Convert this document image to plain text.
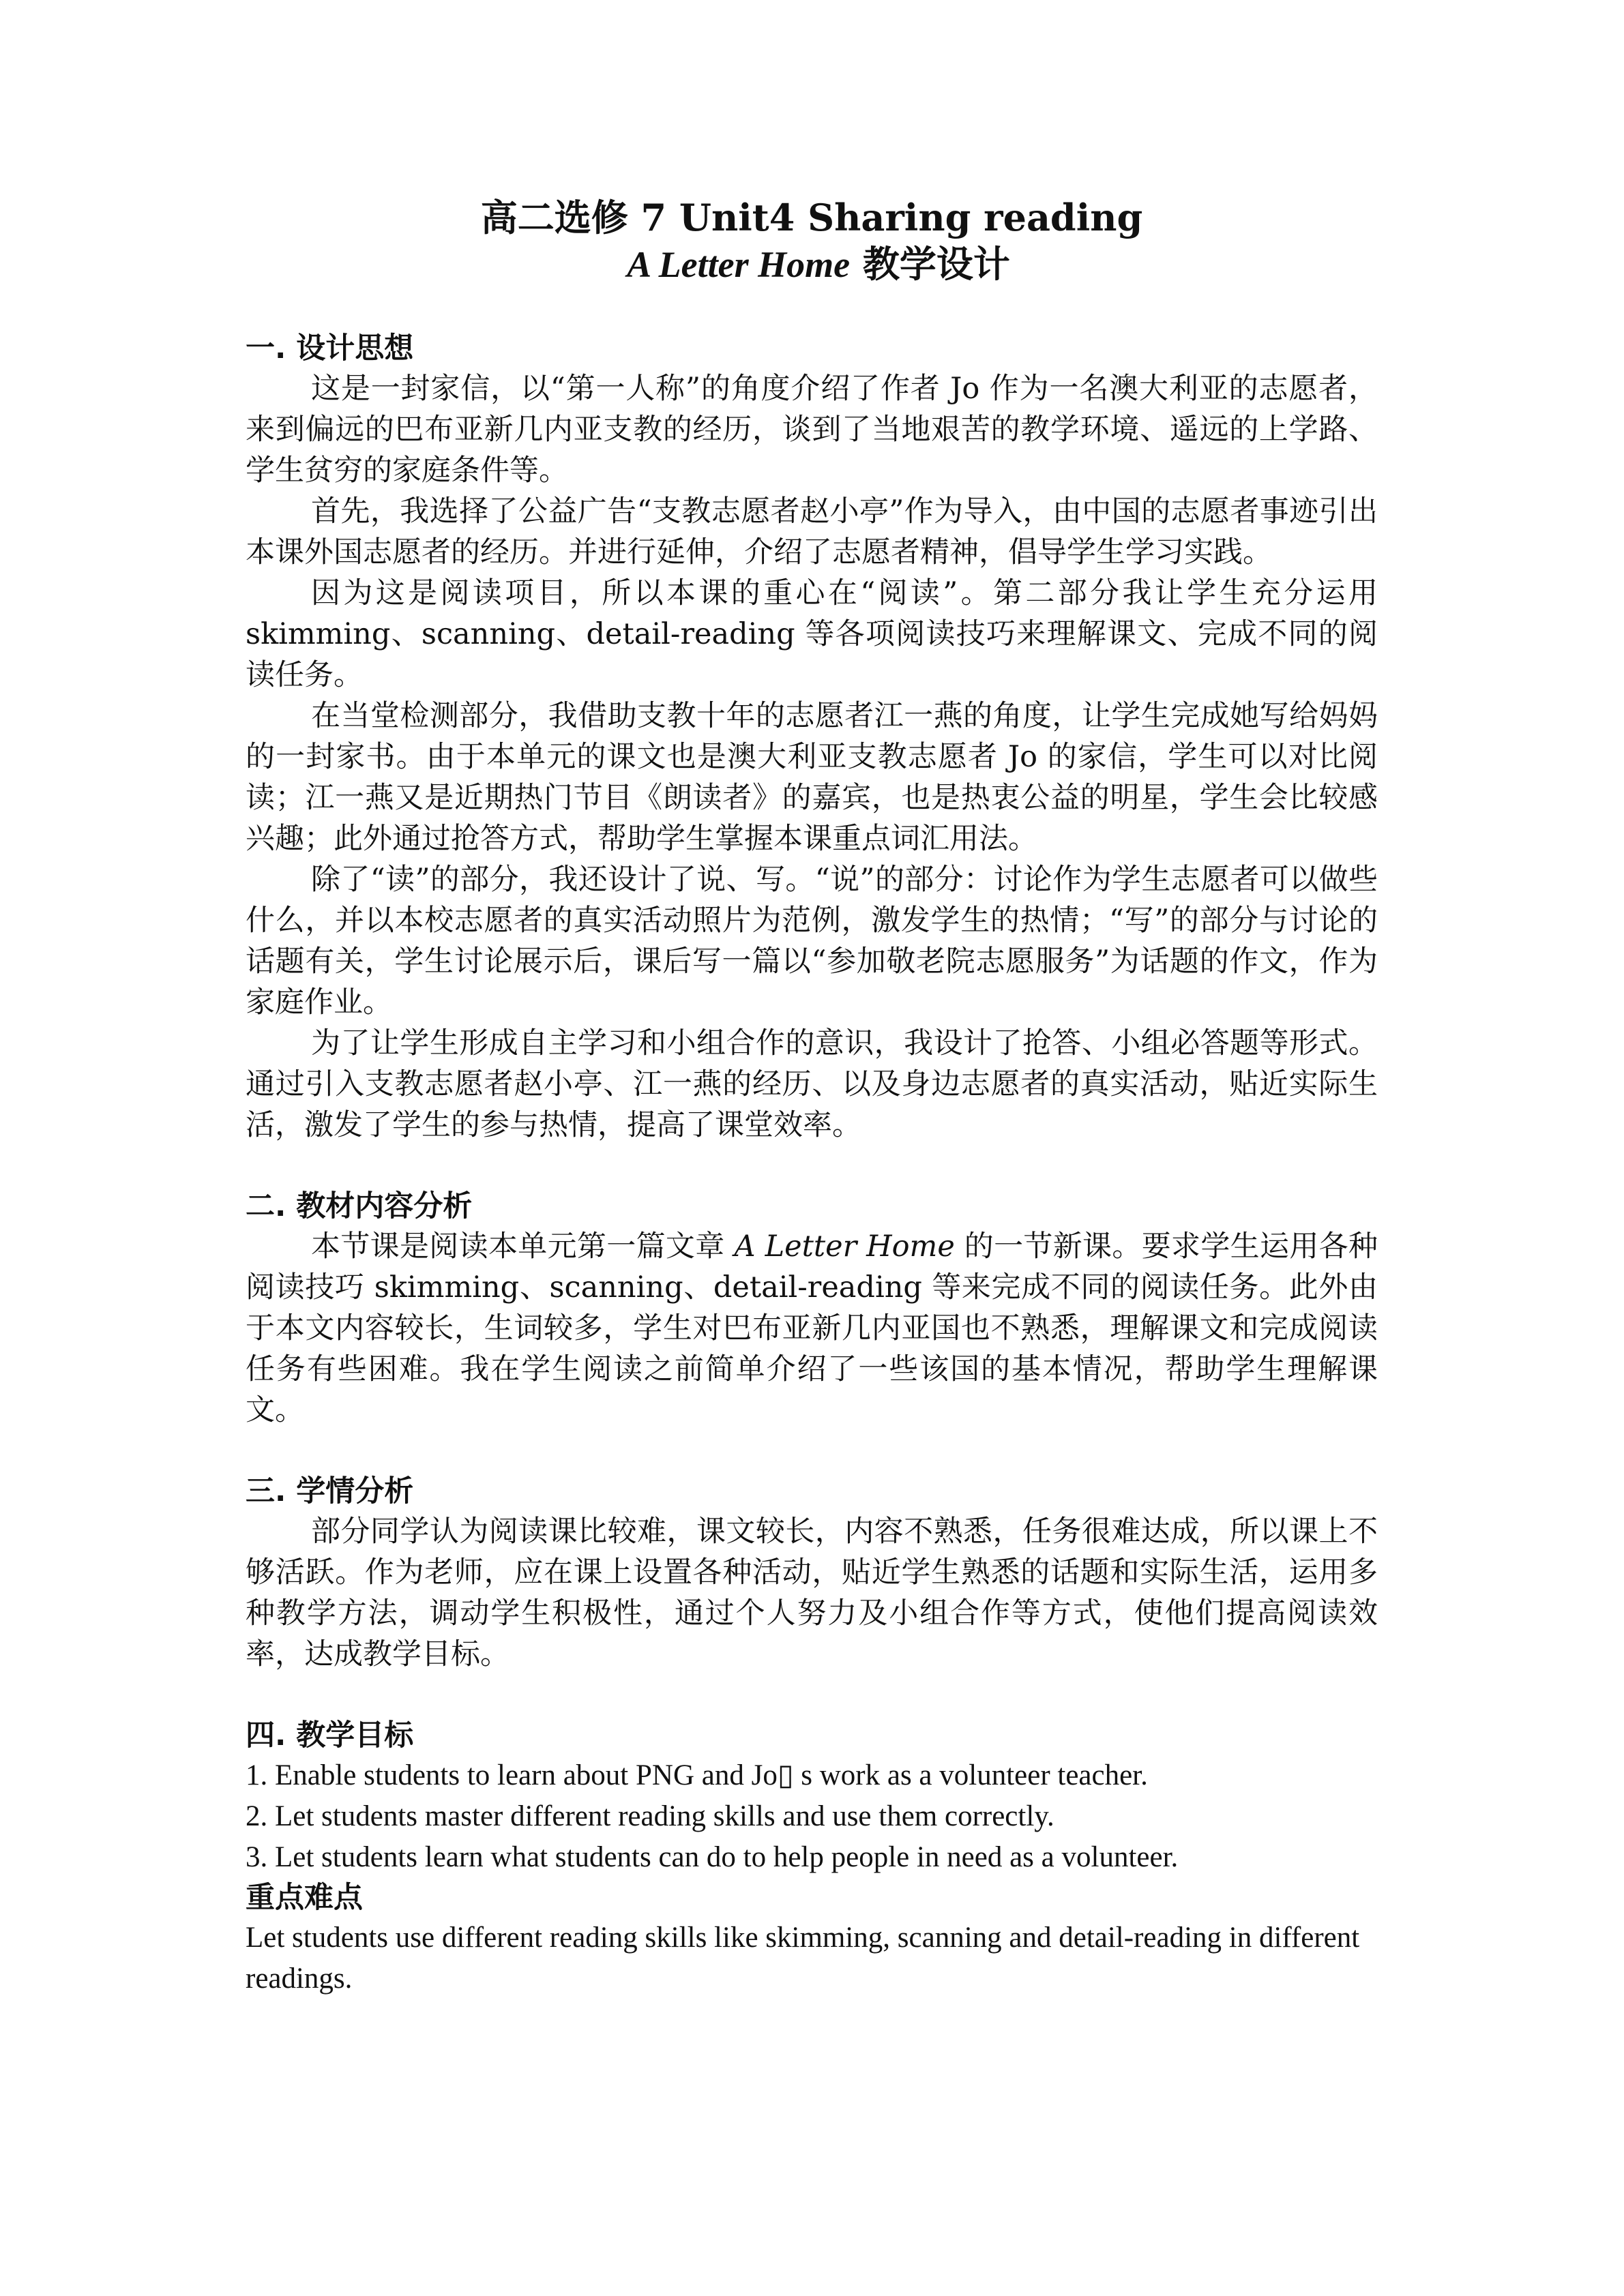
高二选修 7 Unit4 Sharing reading

A Letter Home 教学设计

一. 设计思想

这是一封家信，以“第一人称”的角度介绍了作者 Jo 作为一名澳大利亚的志愿者，来到偏远的巴布亚新几内亚支教的经历，谈到了当地艰苦的教学环境、遥远的上学路、学生贫穷的家庭条件等。

首先，我选择了公益广告“支教志愿者赵小亭”作为导入，由中国的志愿者事迹引出本课外国志愿者的经历。并进行延伸，介绍了志愿者精神，倡导学生学习实践。

因为这是阅读项目，所以本课的重心在“阅读”。第二部分我让学生充分运用 skimming、scanning、detail-reading 等各项阅读技巧来理解课文、完成不同的阅读任务。

在当堂检测部分，我借助支教十年的志愿者江一燕的角度，让学生完成她写给妈妈的一封家书。由于本单元的课文也是澳大利亚支教志愿者 Jo 的家信，学生可以对比阅读；江一燕又是近期热门节目《朗读者》的嘉宾，也是热衷公益的明星，学生会比较感兴趣；此外通过抢答方式，帮助学生掌握本课重点词汇用法。

除了“读”的部分，我还设计了说、写。“说”的部分：讨论作为学生志愿者可以做些什么，并以本校志愿者的真实活动照片为范例，激发学生的热情；“写”的部分与讨论的话题有关，学生讨论展示后，课后写一篇以“参加敬老院志愿服务”为话题的作文，作为家庭作业。

为了让学生形成自主学习和小组合作的意识，我设计了抢答、小组必答题等形式。 通过引入支教志愿者赵小亭、江一燕的经历、以及身边志愿者的真实活动，贴近实际生活，激发了学生的参与热情，提高了课堂效率。

二. 教材内容分析

本节课是阅读本单元第一篇文章 A Letter Home 的一节新课。要求学生运用各种阅读技巧 skimming、scanning、detail-reading 等来完成不同的阅读任务。此外由于本文内容较长，生词较多，学生对巴布亚新几内亚国也不熟悉，理解课文和完成阅读任务有些困难。我在学生阅读之前简单介绍了一些该国的基本情况，帮助学生理解课文。

三. 学情分析

部分同学认为阅读课比较难，课文较长，内容不熟悉，任务很难达成，所以课上不够活跃。作为老师，应在课上设置各种活动，贴近学生熟悉的话题和实际生活，运用多种教学方法，调动学生积极性，通过个人努力及小组合作等方式，使他们提高阅读效率，达成教学目标。

四. 教学目标

1. Enable students to learn about PNG and Jo▯ s work as a volunteer teacher.

2. Let students master different reading skills and use them correctly.

3. Let students learn what students can do to help people in need as a volunteer.

重点难点

Let students use different reading skills like skimming, scanning and detail-reading in different readings.
